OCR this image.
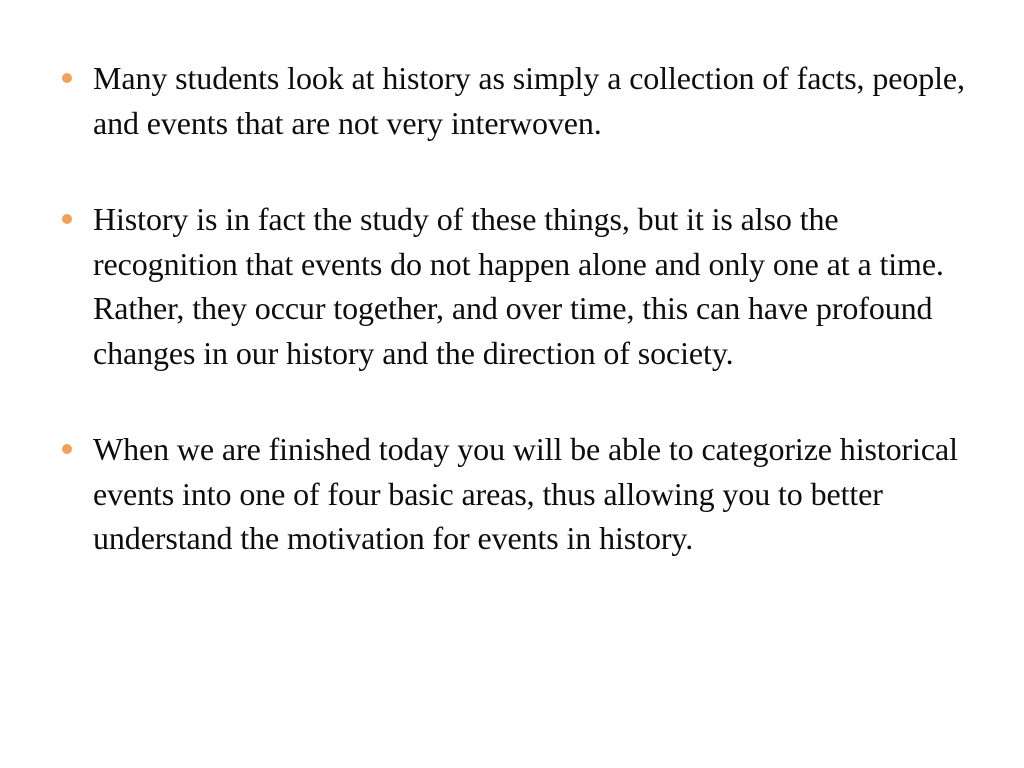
Many students look at history as simply a collection of facts, people, and events that are not very interwoven.
History is in fact the study of these things, but it is also the recognition that events do not happen alone and only one at a time. Rather, they occur together, and over time, this can have profound changes in our history and the direction of society.
When we are finished today you will be able to categorize historical events into one of four basic areas, thus allowing you to better understand the motivation for events in history.
